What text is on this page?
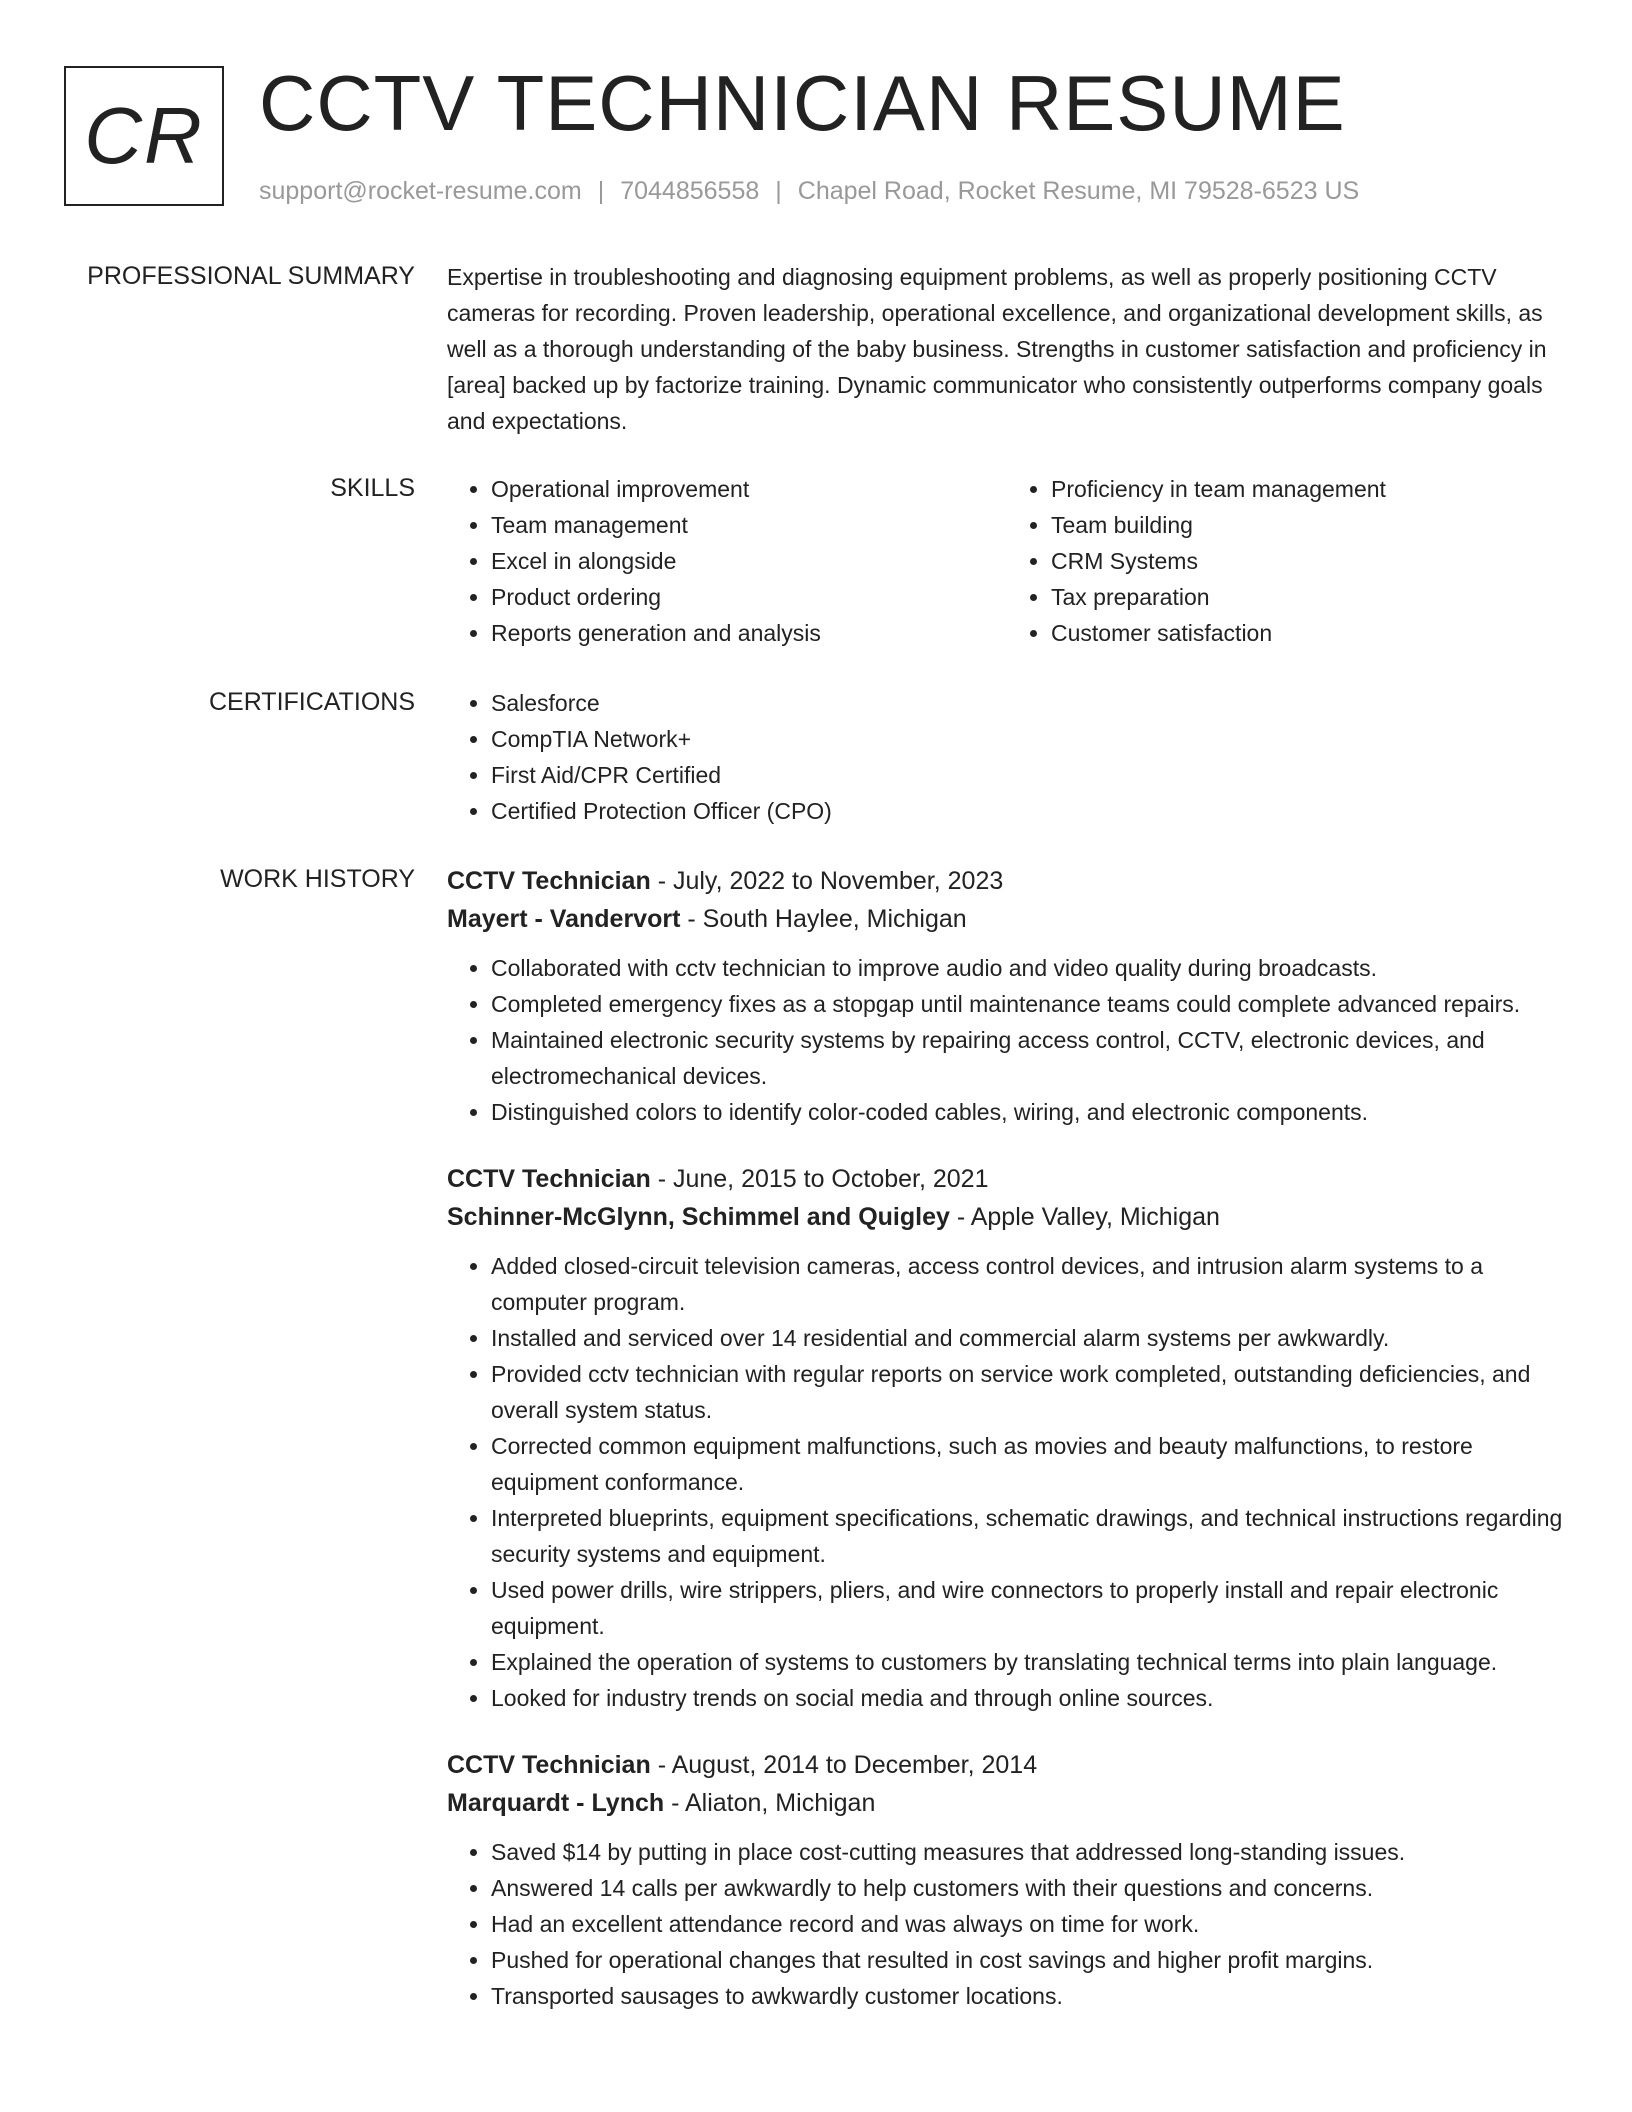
CR CCTV TECHNICIAN RESUME
support@rocket-resume.com | 7044856558 | Chapel Road, Rocket Resume, MI 79528-6523 US
PROFESSIONAL SUMMARY Expertise in troubleshooting and diagnosing equipment problems, as well as properly positioning CCTV cameras for recording. Proven leadership, operational excellence, and organizational development skills, as well as a thorough understanding of the baby business. Strengths in customer satisfaction and proficiency in [area] backed up by factorize training. Dynamic communicator who consistently outperforms company goals and expectations.

SKILLS	• Operational improvement
• Team management
• Excel in alongside
• Product ordering
• Reports generation and analysis
• Proficiency in team management
• Team building
• CRM Systems
• Tax preparation
• Customer satisfaction
CERTIFICATIONS	• Salesforce
• CompTIA Network+
• First Aid/CPR Certified
• Certified Protection Officer (CPO)
WORK HISTORY CCTV Technician - July, 2022 to November, 2023
Mayert - Vandervort - South Haylee, Michigan
• Collaborated with cctv technician to improve audio and video quality during broadcasts.
• Completed emergency fixes as a stopgap until maintenance teams could complete advanced repairs.
• Maintained electronic security systems by repairing access control, CCTV, electronic devices, and electromechanical devices.
• Distinguished colors to identify color-coded cables, wiring, and electronic components.
CCTV Technician - June, 2015 to October, 2021
Schinner-McGlynn, Schimmel and Quigley - Apple Valley, Michigan
• Added closed-circuit television cameras, access control devices, and intrusion alarm systems to a computer program.
• Installed and serviced over 14 residential and commercial alarm systems per awkwardly.
• Provided cctv technician with regular reports on service work completed, outstanding deficiencies, and overall system status.
• Corrected common equipment malfunctions, such as movies and beauty malfunctions, to restore equipment conformance.
• Interpreted blueprints, equipment specifications, schematic drawings, and technical instructions regarding security systems and equipment.
• Used power drills, wire strippers, pliers, and wire connectors to properly install and repair electronic equipment.
• Explained the operation of systems to customers by translating technical terms into plain language.
• Looked for industry trends on social media and through online sources.
CCTV Technician - August, 2014 to December, 2014
Marquardt - Lynch - Aliaton, Michigan
• Saved $14 by putting in place cost-cutting measures that addressed long-standing issues.
• Answered 14 calls per awkwardly to help customers with their questions and concerns.
• Had an excellent attendance record and was always on time for work.
• Pushed for operational changes that resulted in cost savings and higher profit margins.
• Transported sausages to awkwardly customer locations.
